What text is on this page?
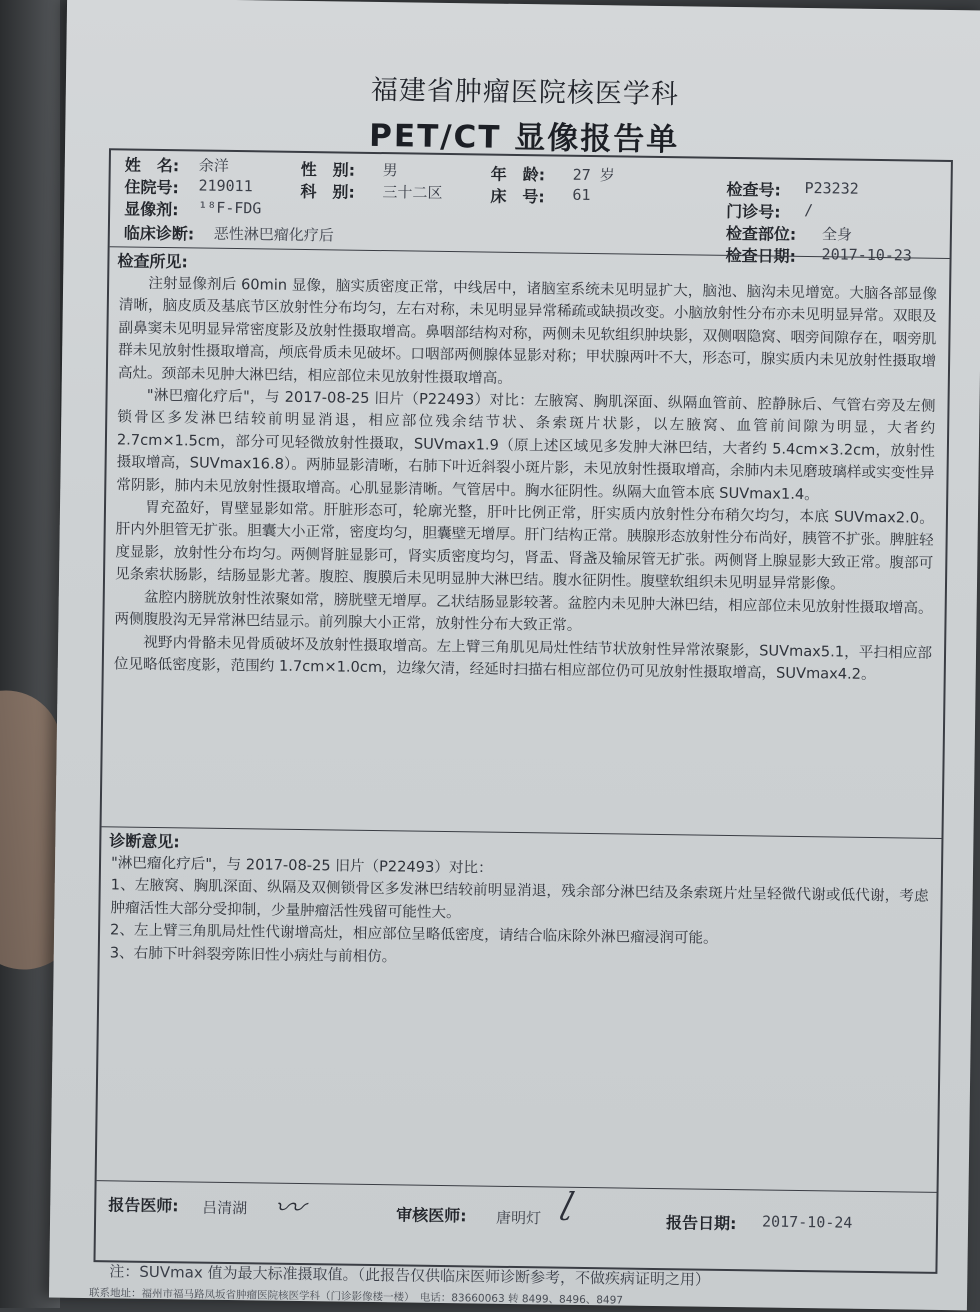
福建省肿瘤医院核医学科
PET/CT 显像报告单
姓　名: 余洋	性　别: 男	年　龄: 27 岁
住院号: 219011	科　别: 三十二区	床　号: 61
显像剂: ¹⁸F-FDG
临床诊断: 恶性淋巴瘤化疗后
检查号: P23232
门诊号: /
检查部位: 全身
检查日期: 2017-10-23
检查所见:

注射显像剂后 60min 显像，脑实质密度正常，中线居中，诸脑室系统未见明显扩大，脑池、脑沟未见增宽。大脑各部显像清晰，脑皮质及基底节区放射性分布均匀，左右对称，未见明显异常稀疏或缺损改变。小脑放射性分布亦未见明显异常。双眼及副鼻窦未见明显异常密度影及放射性摄取增高。鼻咽部结构对称，两侧未见软组织肿块影，双侧咽隐窝、咽旁间隙存在，咽旁肌群未见放射性摄取增高，颅底骨质未见破坏。口咽部两侧腺体显影对称；甲状腺两叶不大，形态可，腺实质内未见放射性摄取增高灶。颈部未见肿大淋巴结，相应部位未见放射性摄取增高。

"淋巴瘤化疗后"，与 2017-08-25 旧片（P22493）对比：左腋窝、胸肌深面、纵隔血管前、腔静脉后、气管右旁及左侧锁骨区多发淋巴结较前明显消退，相应部位残余结节状、条索斑片状影，以左腋窝、血管前间隙为明显，大者约 2.7cm×1.5cm，部分可见轻微放射性摄取，SUVmax1.9（原上述区域见多发肿大淋巴结，大者约 5.4cm×3.2cm，放射性摄取增高，SUVmax16.8）。两肺显影清晰，右肺下叶近斜裂小斑片影，未见放射性摄取增高，余肺内未见磨玻璃样或实变性异常阴影，肺内未见放射性摄取增高。心肌显影清晰。气管居中。胸水征阴性。纵隔大血管本底 SUVmax1.4。

胃充盈好，胃壁显影如常。肝脏形态可，轮廓光整，肝叶比例正常，肝实质内放射性分布稍欠均匀，本底 SUVmax2.0。肝内外胆管无扩张。胆囊大小正常，密度均匀，胆囊壁无增厚。肝门结构正常。胰腺形态放射性分布尚好，胰管不扩张。脾脏轻度显影，放射性分布均匀。两侧肾脏显影可，肾实质密度均匀，肾盂、肾盏及输尿管无扩张。两侧肾上腺显影大致正常。腹部可见条索状肠影，结肠显影尤著。腹腔、腹膜后未见明显肿大淋巴结。腹水征阴性。腹壁软组织未见明显异常影像。

盆腔内膀胱放射性浓聚如常，膀胱壁无增厚。乙状结肠显影较著。盆腔内未见肿大淋巴结，相应部位未见放射性摄取增高。两侧腹股沟无异常淋巴结显示。前列腺大小正常，放射性分布大致正常。

视野内骨骼未见骨质破坏及放射性摄取增高。左上臂三角肌见局灶性结节状放射性异常浓聚影，SUVmax5.1，平扫相应部位见略低密度影，范围约 1.7cm×1.0cm，边缘欠清，经延时扫描右相应部位仍可见放射性摄取增高，SUVmax4.2。

诊断意见:

"淋巴瘤化疗后"，与 2017-08-25 旧片（P22493）对比：

1、左腋窝、胸肌深面、纵隔及双侧锁骨区多发淋巴结较前明显消退，残余部分淋巴结及条索斑片灶呈轻微代谢或低代谢，考虑肿瘤活性大部分受抑制，少量肿瘤活性残留可能性大。

2、左上臂三角肌局灶性代谢增高灶，相应部位呈略低密度，请结合临床除外淋巴瘤浸润可能。

3、右肺下叶斜裂旁陈旧性小病灶与前相仿。

报告医师: 吕清湖 〰	审核医师: 唐明灯 ɭ
报告日期: 2017-10-24
注：SUVmax 值为最大标准摄取值。（此报告仅供临床医师诊断参考，不做疾病证明之用）
联系地址：福州市福马路凤坂省肿瘤医院核医学科（门诊影像楼一楼）　电话：83660063 转 8499、8496、8497
